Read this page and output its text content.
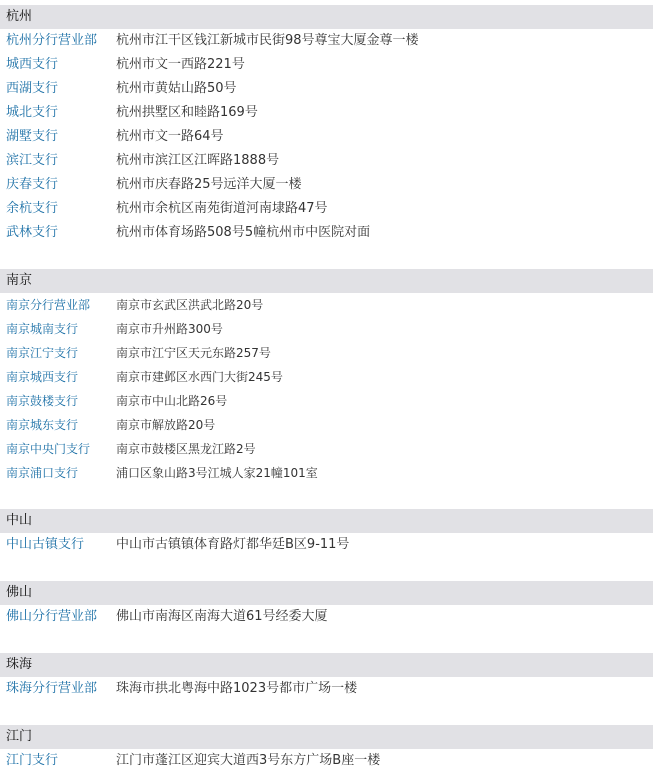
杭州
杭州分行营业部 杭州市江干区钱江新城市民街98号尊宝大厦金尊一楼
城西支行	杭州市文一西路221号
西湖支行	杭州市黄姑山路50号
城北支行	杭州拱墅区和睦路169号
湖墅支行	杭州市文一路64号
滨江支行	杭州市滨江区江晖路1888号
庆春支行	杭州市庆春路25号远洋大厦一楼
余杭支行	杭州市余杭区南苑街道河南埭路47号
武林支行	杭州市体育场路508号5幢杭州市中医院对面
南京
南京分行营业部 南京市玄武区洪武北路20号
南京城南支行	南京市升州路300号
南京江宁支行	南京市江宁区天元东路257号
南京城西支行	南京市建邺区水西门大街245号
南京鼓楼支行	南京市中山北路26号
南京城东支行	南京市解放路20号
南京中央门支行 南京市鼓楼区黑龙江路2号
南京浦口支行	浦口区象山路3号江城人家21幢101室
中山
中山古镇支行 中山市古镇镇体育路灯都华廷B区9-11号
佛山
佛山分行营业部 佛山市南海区南海大道61号经委大厦
珠海
珠海分行营业部 珠海市拱北粤海中路1023号都市广场一楼
江门
江门支行	江门市蓬江区迎宾大道西3号东方广场B座一楼
